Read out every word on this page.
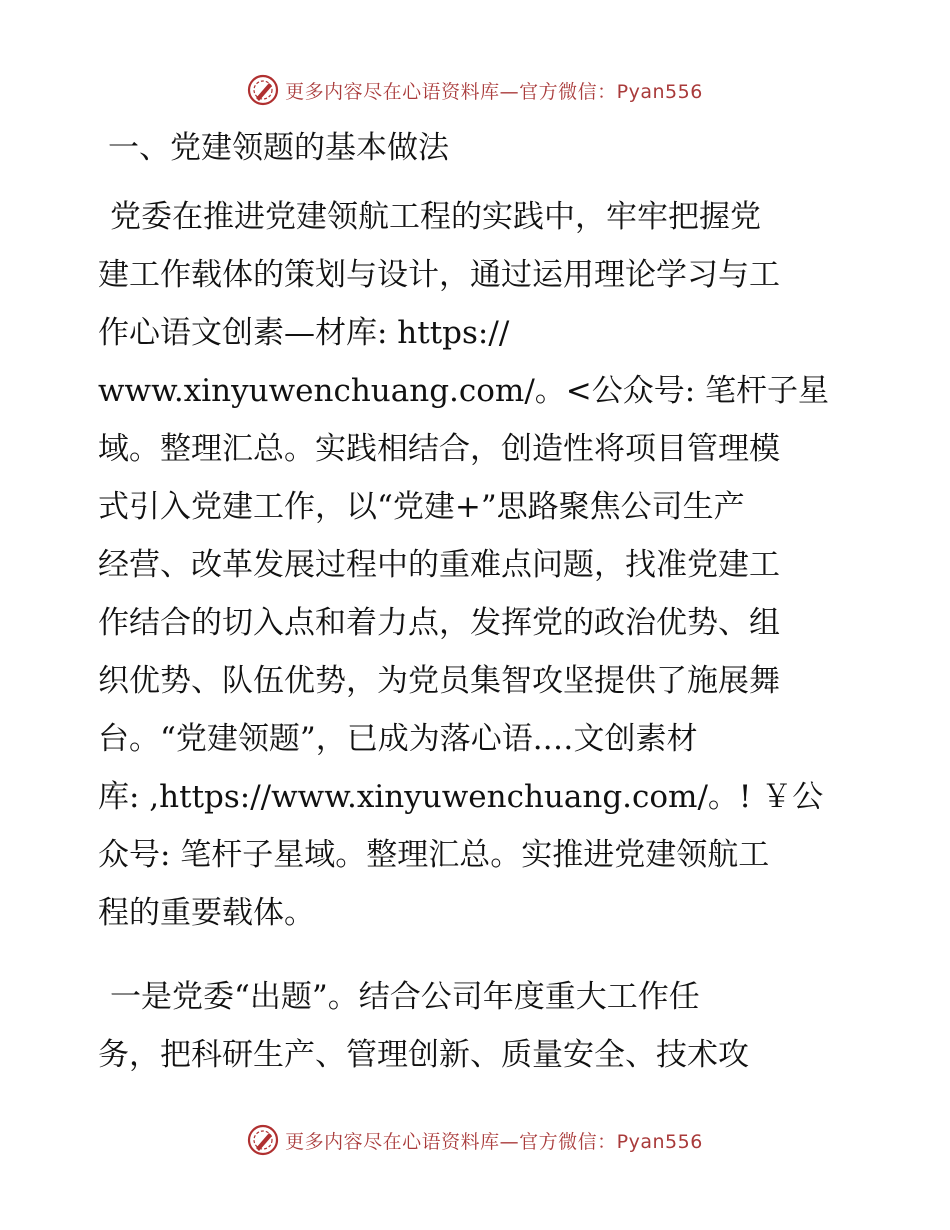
更多内容尽在心语资料库—官方微信：Pyan556
一、党建领题的基本做法
党委在推进党建领航工程的实践中，牢牢把握党
建工作载体的策划与设计，通过运用理论学习与工
作心语文创素—材库: https://
www.xinyuwenchuang.com/。<公众号: 笔杆子星
域。整理汇总。实践相结合，创造性将项目管理模
式引入党建工作，以“党建+”思路聚焦公司生产
经营、改革发展过程中的重难点问题，找准党建工
作结合的切入点和着力点，发挥党的政治优势、组
织优势、队伍优势，为党员集智攻坚提供了施展舞
台。“党建领题”，已成为落心语.…文创素材
库: ,https://www.xinyuwenchuang.com/。! ￥公
众号: 笔杆子星域。整理汇总。实推进党建领航工
程的重要载体。
一是党委“出题”。结合公司年度重大工作任
务，把科研生产、管理创新、质量安全、技术攻
更多内容尽在心语资料库—官方微信：Pyan556
